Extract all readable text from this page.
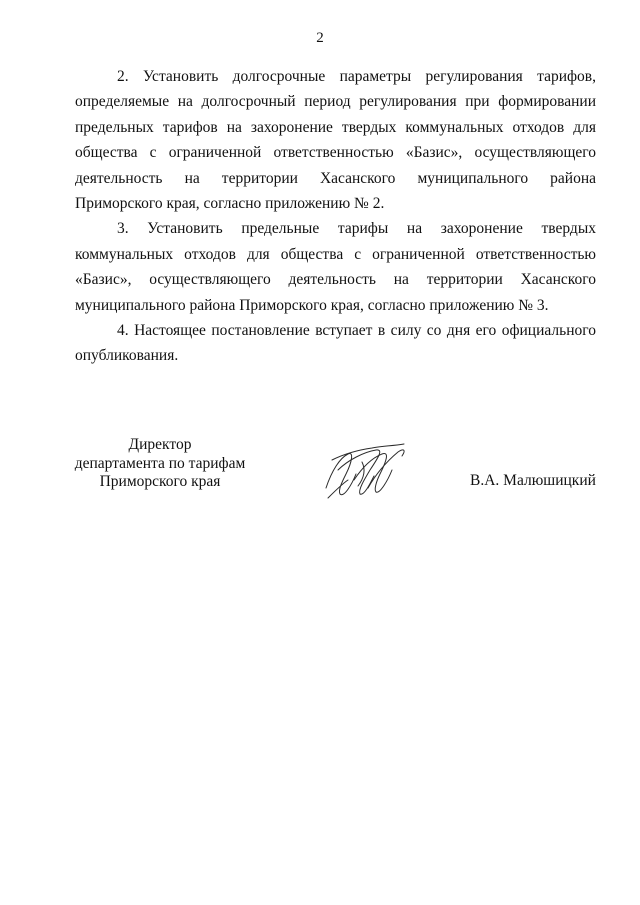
2

2. Установить долгосрочные параметры регулирования тарифов, определяемые на долгосрочный период регулирования при формировании предельных тарифов на захоронение твердых коммунальных отходов для общества с ограниченной ответственностью «Базис», осуществляющего деятельность на территории Хасанского муниципального района Приморского края, согласно приложению № 2.

3. Установить предельные тарифы на захоронение твердых коммунальных отходов для общества с ограниченной ответственностью «Базис», осуществляющего деятельность на территории Хасанского муниципального района Приморского края, согласно приложению № 3.

4. Настоящее постановление вступает в силу со дня его официального опубликования.

Директор
департамента по тарифам
Приморского края	В.А. Малюшицкий
